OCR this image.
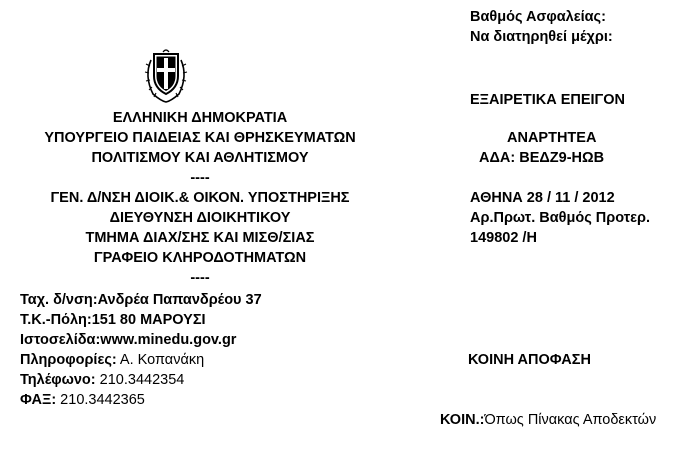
Βαθμός Ασφαλείας:
Να διατηρηθεί μέχρι:
ΕΞΑΙΡΕΤΙΚΑ ΕΠΕΙΓΟΝ
ΕΛΛΗΝΙΚΗ ΔΗΜΟΚΡΑΤΙΑ
ΥΠΟΥΡΓΕΙΟ ΠΑΙΔΕΙΑΣ ΚΑΙ ΘΡΗΣΚΕΥΜΑΤΩΝ
ΠΟΛΙΤΙΣΜΟΥ ΚΑΙ ΑΘΛΗΤΙΣΜΟΥ
----
ΓΕΝ. Δ/ΝΣΗ ΔΙΟΙΚ.& ΟΙΚΟΝ. ΥΠΟΣΤΗΡΙΞΗΣ
ΔΙΕΥΘΥΝΣΗ ΔΙΟΙΚΗΤΙΚΟΥ
ΤΜΗΜΑ ΔΙΑΧ/ΣΗΣ ΚΑΙ ΜΙΣΘ/ΣΙΑΣ
ΓΡΑΦΕΙΟ ΚΛΗΡΟΔΟΤΗΜΑΤΩΝ
----
ΑΝΑΡΤΗΤΕΑ
ΑΔΑ: ΒΕΔΖ9-ΗΩΒ
ΑΘΗΝΑ 28 / 11 / 2012
Αρ.Πρωτ. Βαθμός Προτερ.
149802 /Η
Ταχ. δ/νση:Ανδρέα Παπανδρέου 37
Τ.Κ.-Πόλη:151 80 ΜΑΡΟΥΣΙ
Ιστοσελίδα:www.minedu.gov.gr
Πληροφορίες: Α. Κοπανάκη
Τηλέφωνο: 210.3442354
ΦΑΞ: 210.3442365
ΚΟΙΝΗ ΑΠΟΦΑΣΗ
ΚΟΙΝ.:Όπως Πίνακας Αποδεκτών
